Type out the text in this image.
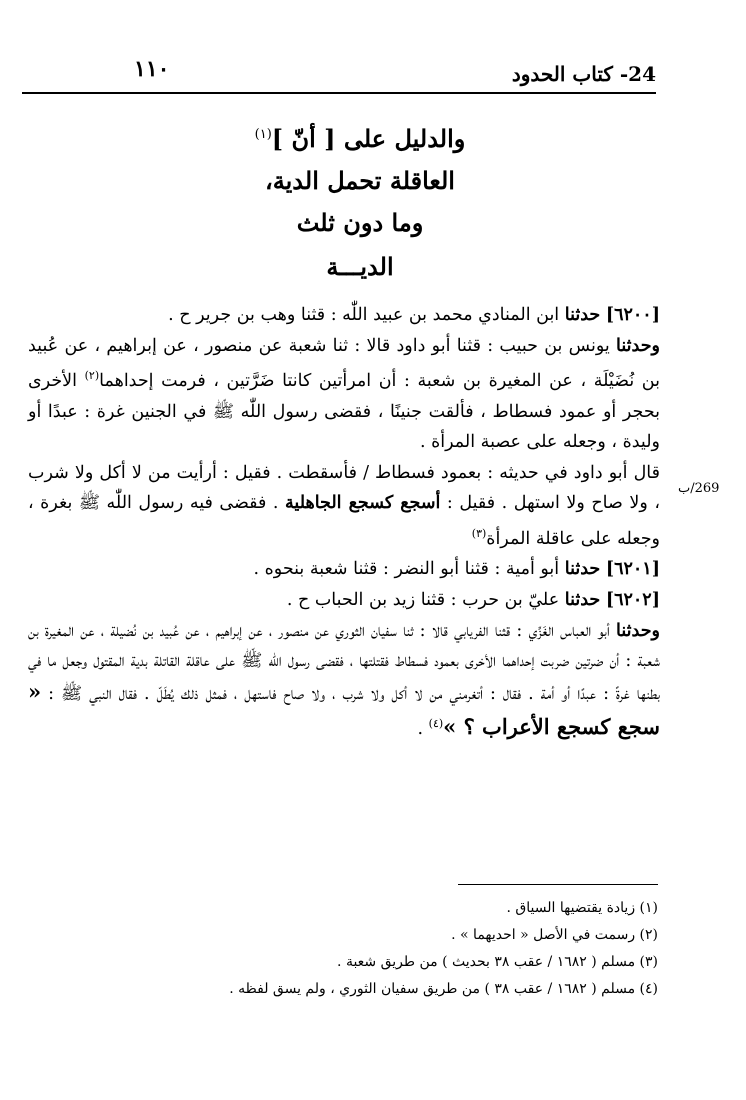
١١٠	24- كتاب الحدود
والدليل على [ أنّ ]$^{(١)}$
العاقلة تحمل الدية،
وما دون ثلث
الديـــة
269/ب

[٦٢٠٠] حدثنا ابن المنادي محمد بن عبيد اللّٰه : قثنا وهب بن جرير ح .

وحدثنا يونس بن حبيب : قثنا أبو داود قالا : ثنا شعبة عن منصور ، عن إبراهيم ، عن عُبيد بن نُضَيْلَة ، عن المغيرة بن شعبة : أن امرأتين كانتا ضَرَّتين ، فرمت إحداهما$^{(٢)}$ الأخرى بحجر أو عمود فسطاط ، فألقت جنينًا ، فقضى رسول اللّٰه ﷺ في الجنين غرة : عبدًا أو وليدة ، وجعله على عصبة المرأة .

قال أبو داود في حديثه : بعمود فسطاط / فأسقطت . فقيل : أرأيت من لا أكل ولا شرب ، ولا صاح ولا استهل . فقيل : أسجع كسجع الجاهلية . فقضى فيه رسول اللّٰه ﷺ بغرة ، وجعله على عاقلة المرأة$^{(٣)}$

[٦٢٠١] حدثنا أبو أمية : قثنا أبو النضر : قثنا شعبة بنحوه .

[٦٢٠٢] حدثنا عليّ بن حرب : قثنا زيد بن الحباب ح .

وحدثنا أبو العباس الغَزِّي : قثنا الفريابي قالا : ثنا سفيان الثوري عن منصور ، عن إبراهيم ، عن عُبيد بن نُضيلة ، عن المغيرة بن شعبة : أن ضرتين ضربت إحداهما الأخرى بعمود فسطاط فقتلتها ، فقضى رسول اللّٰه ﷺ على عاقلة القاتلة بدية المقتول وجعل ما في بطنها غرةً : عبدًا أو أمة . فقال : أتغرمني من لا أكل ولا شرب ، ولا صاح فاستهل ، فمثل ذلك يُطَلّ . فقال النبي ﷺ : « سجع كسجع الأعراب ؟ »$^{(٤)}$ .

(١) زيادة يقتضيها السياق .
(٢) رسمت في الأصل « احديهما » .
(٣) مسلم ( ١٦٨٢ / عقب ٣٨ بحديث ) من طريق شعبة .
(٤) مسلم ( ١٦٨٢ / عقب ٣٨ ) من طريق سفيان الثوري ، ولم يسق لفظه .
